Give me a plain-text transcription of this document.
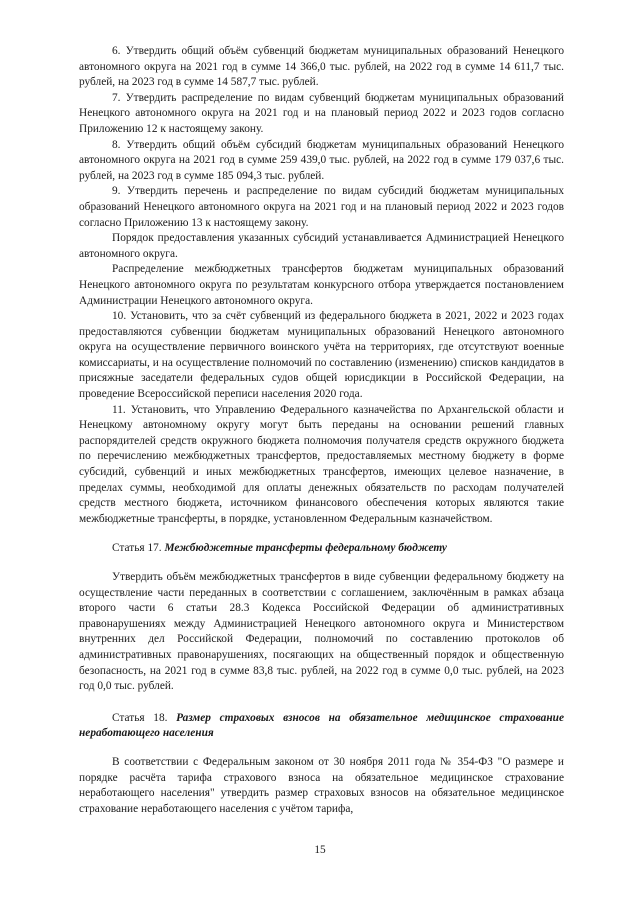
6. Утвердить общий объём субвенций бюджетам муниципальных образований Ненецкого автономного округа на 2021 год в сумме 14 366,0 тыс. рублей, на 2022 год в сумме 14 611,7 тыс. рублей, на 2023 год в сумме 14 587,7 тыс. рублей.

7. Утвердить распределение по видам субвенций бюджетам муниципальных образований Ненецкого автономного округа на 2021 год и на плановый период 2022 и 2023 годов согласно Приложению 12 к настоящему закону.

8. Утвердить общий объём субсидий бюджетам муниципальных образований Ненецкого автономного округа на 2021 год в сумме 259 439,0 тыс. рублей, на 2022 год в сумме 179 037,6 тыс. рублей, на 2023 год в сумме 185 094,3 тыс. рублей.

9. Утвердить перечень и распределение по видам субсидий бюджетам муниципальных образований Ненецкого автономного округа на 2021 год и на плановый период 2022 и 2023 годов согласно Приложению 13 к настоящему закону.

Порядок предоставления указанных субсидий устанавливается Администрацией Ненецкого автономного округа.

Распределение межбюджетных трансфертов бюджетам муниципальных образований Ненецкого автономного округа по результатам конкурсного отбора утверждается постановлением Администрации Ненецкого автономного округа.

10. Установить, что за счёт субвенций из федерального бюджета в 2021, 2022 и 2023 годах предоставляются субвенции бюджетам муниципальных образований Ненецкого автономного округа на осуществление первичного воинского учёта на территориях, где отсутствуют военные комиссариаты, и на осуществление полномочий по составлению (изменению) списков кандидатов в присяжные заседатели федеральных судов общей юрисдикции в Российской Федерации, на проведение Всероссийской переписи населения 2020 года.

11. Установить, что Управлению Федерального казначейства по Архангельской области и Ненецкому автономному округу могут быть переданы на основании решений главных распорядителей средств окружного бюджета полномочия получателя средств окружного бюджета по перечислению межбюджетных трансфертов, предоставляемых местному бюджету в форме субсидий, субвенций и иных межбюджетных трансфертов, имеющих целевое назначение, в пределах суммы, необходимой для оплаты денежных обязательств по расходам получателей средств местного бюджета, источником финансового обеспечения которых являются такие межбюджетные трансферты, в порядке, установленном Федеральным казначейством.

Статья 17. Межбюджетные трансферты федеральному бюджету

Утвердить объём межбюджетных трансфертов в виде субвенции федеральному бюджету на осуществление части переданных в соответствии с соглашением, заключённым в рамках абзаца второго части 6 статьи 28.3 Кодекса Российской Федерации об административных правонарушениях между Администрацией Ненецкого автономного округа и Министерством внутренних дел Российской Федерации, полномочий по составлению протоколов об административных правонарушениях, посягающих на общественный порядок и общественную безопасность, на 2021 год в сумме 83,8 тыс. рублей, на 2022 год в сумме 0,0 тыс. рублей, на 2023 год 0,0 тыс. рублей.

Статья 18. Размер страховых взносов на обязательное медицинское страхование неработающего населения

В соответствии с Федеральным законом от 30 ноября 2011 года № 354-ФЗ "О размере и порядке расчёта тарифа страхового взноса на обязательное медицинское страхование неработающего населения" утвердить размер страховых взносов на обязательное медицинское страхование неработающего населения с учётом тарифа,

15
